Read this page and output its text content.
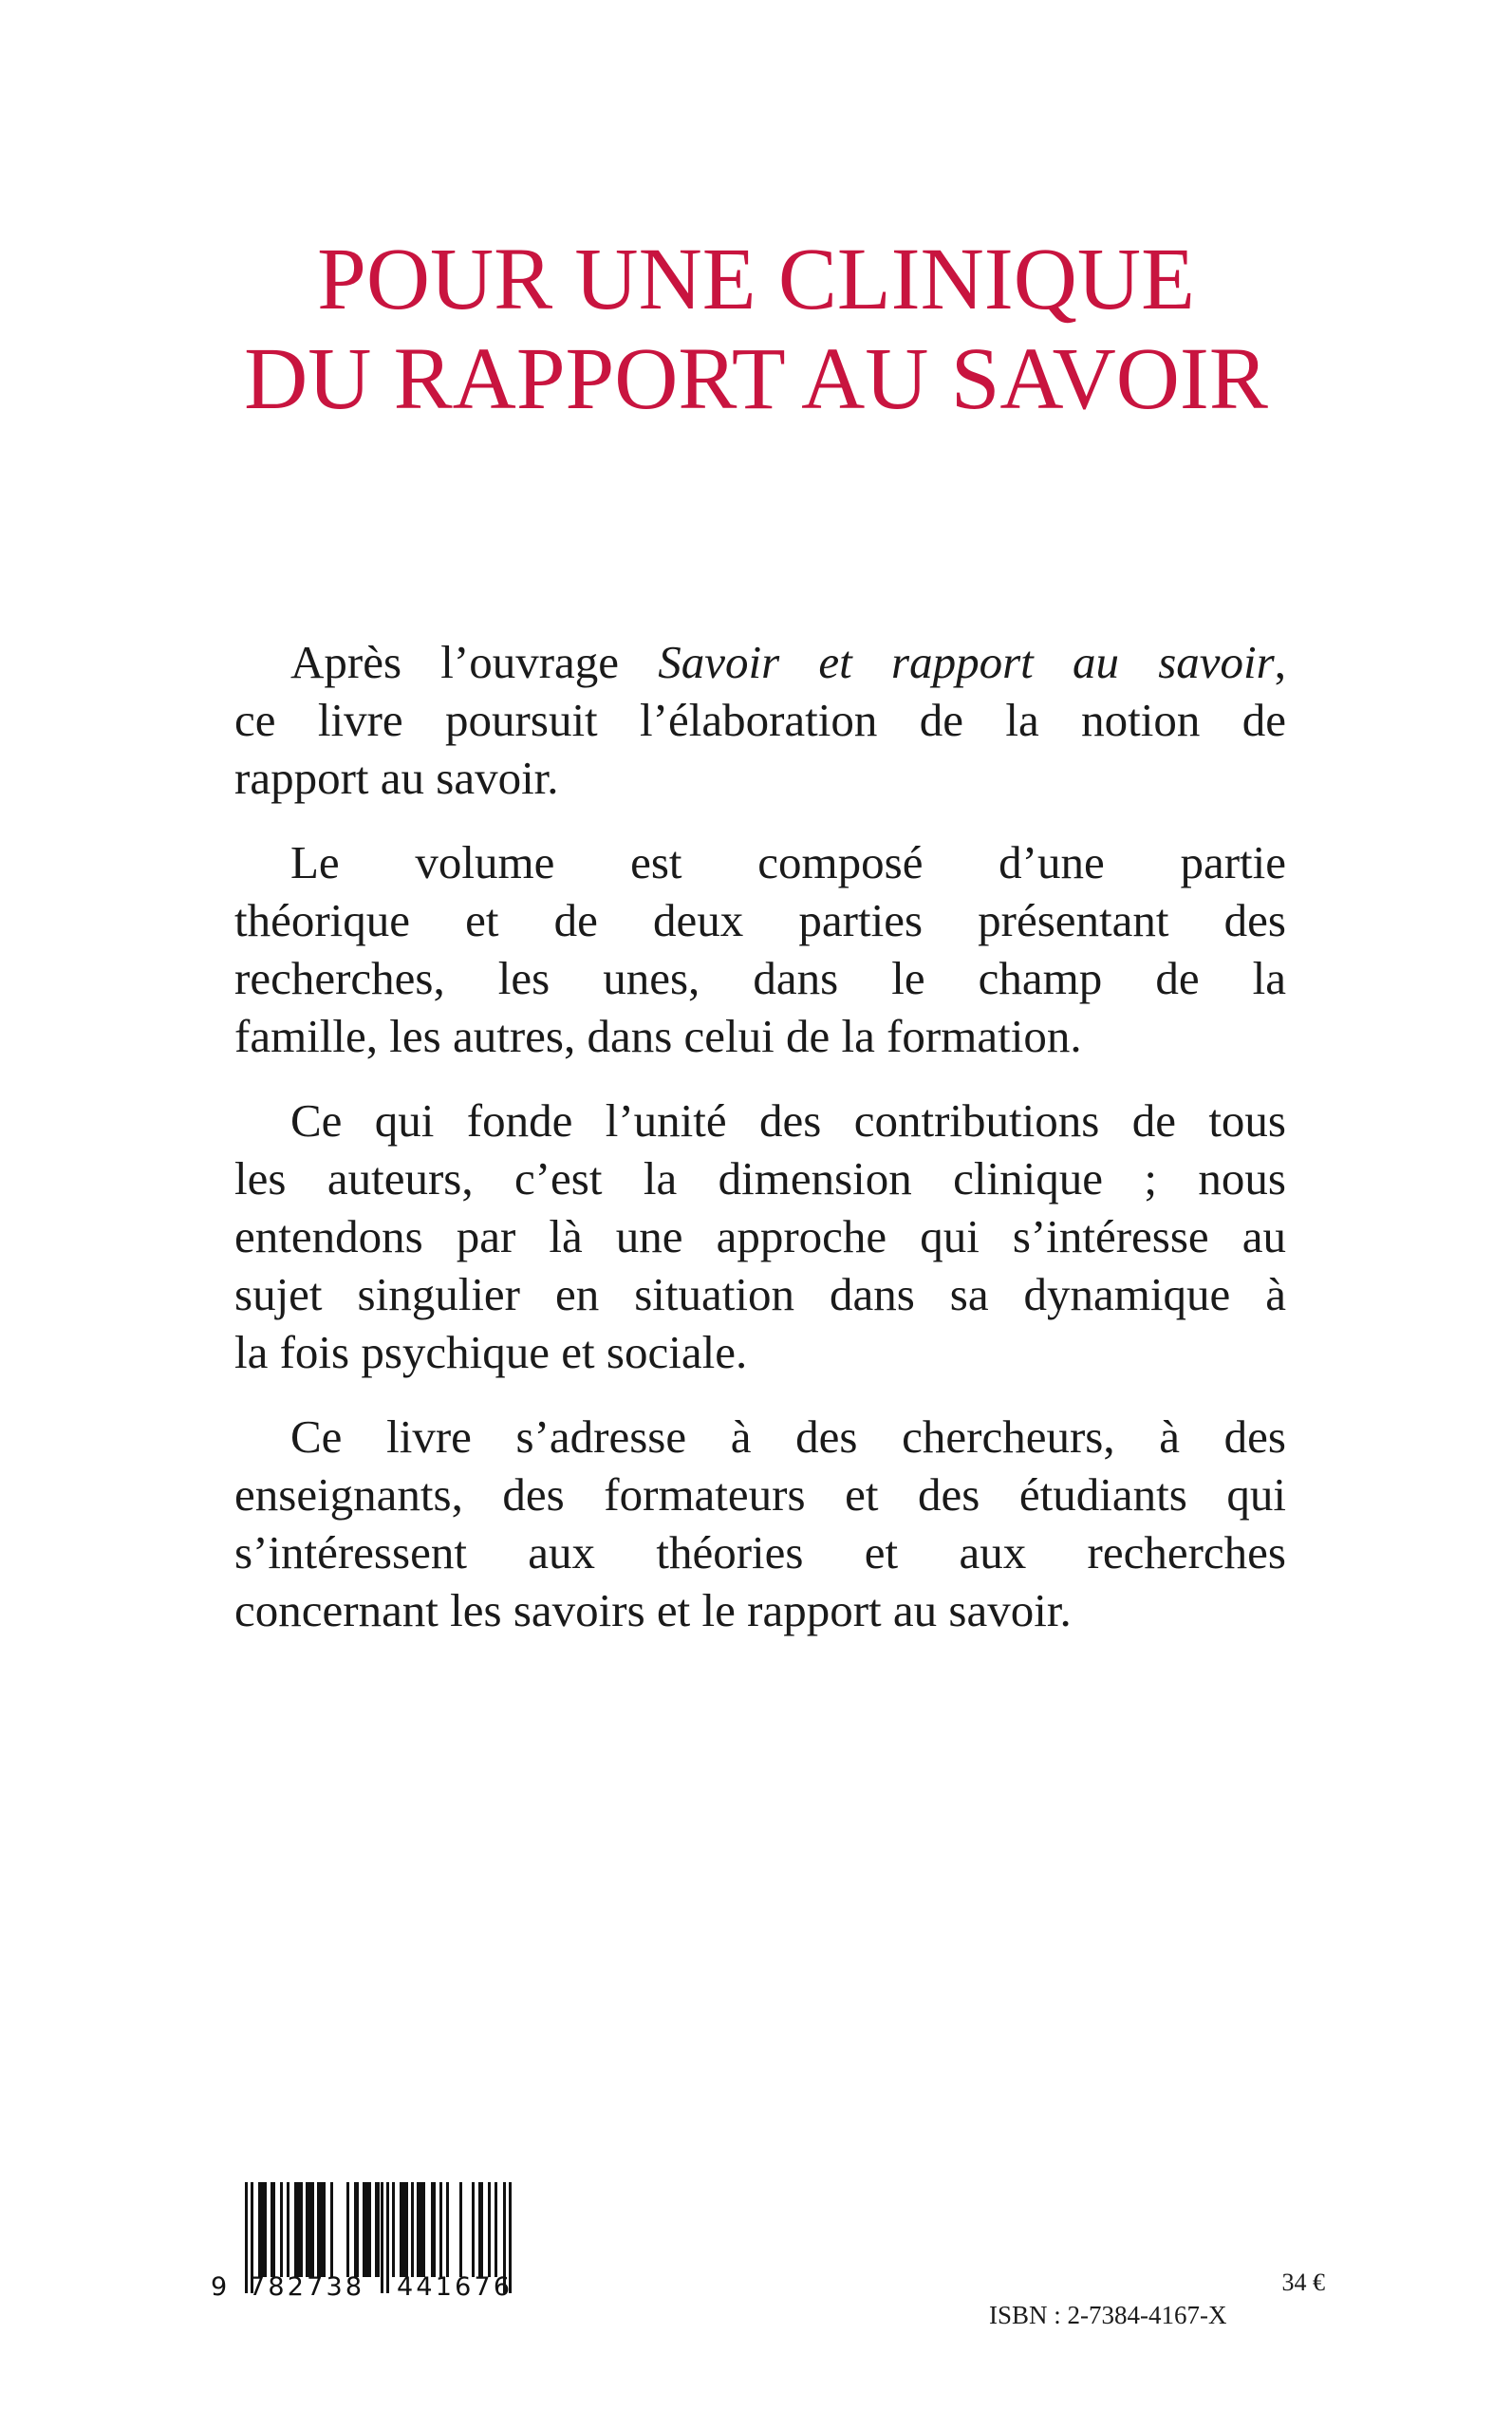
POUR UNE CLINIQUE
DU RAPPORT AU SAVOIR

Après l’ouvrage Savoir et rapport au savoir,
ce livre poursuit l’élaboration de la notion de
rapport au savoir.

Le volume est composé d’une partie
théorique et de deux parties présentant des
recherches, les unes, dans le champ de la
famille, les autres, dans celui de la formation.

Ce qui fonde l’unité des contributions de tous
les auteurs, c’est la dimension clinique ; nous
entendons par là une approche qui s’intéresse au
sujet singulier en situation dans sa dynamique à
la fois psychique et sociale.

Ce livre s’adresse à des chercheurs, à des
enseignants, des formateurs et des étudiants qui
s’intéressent aux théories et aux recherches
concernant les savoirs et le rapport au savoir.

9 782738 441676	34 €
ISBN : 2-7384-4167-X
